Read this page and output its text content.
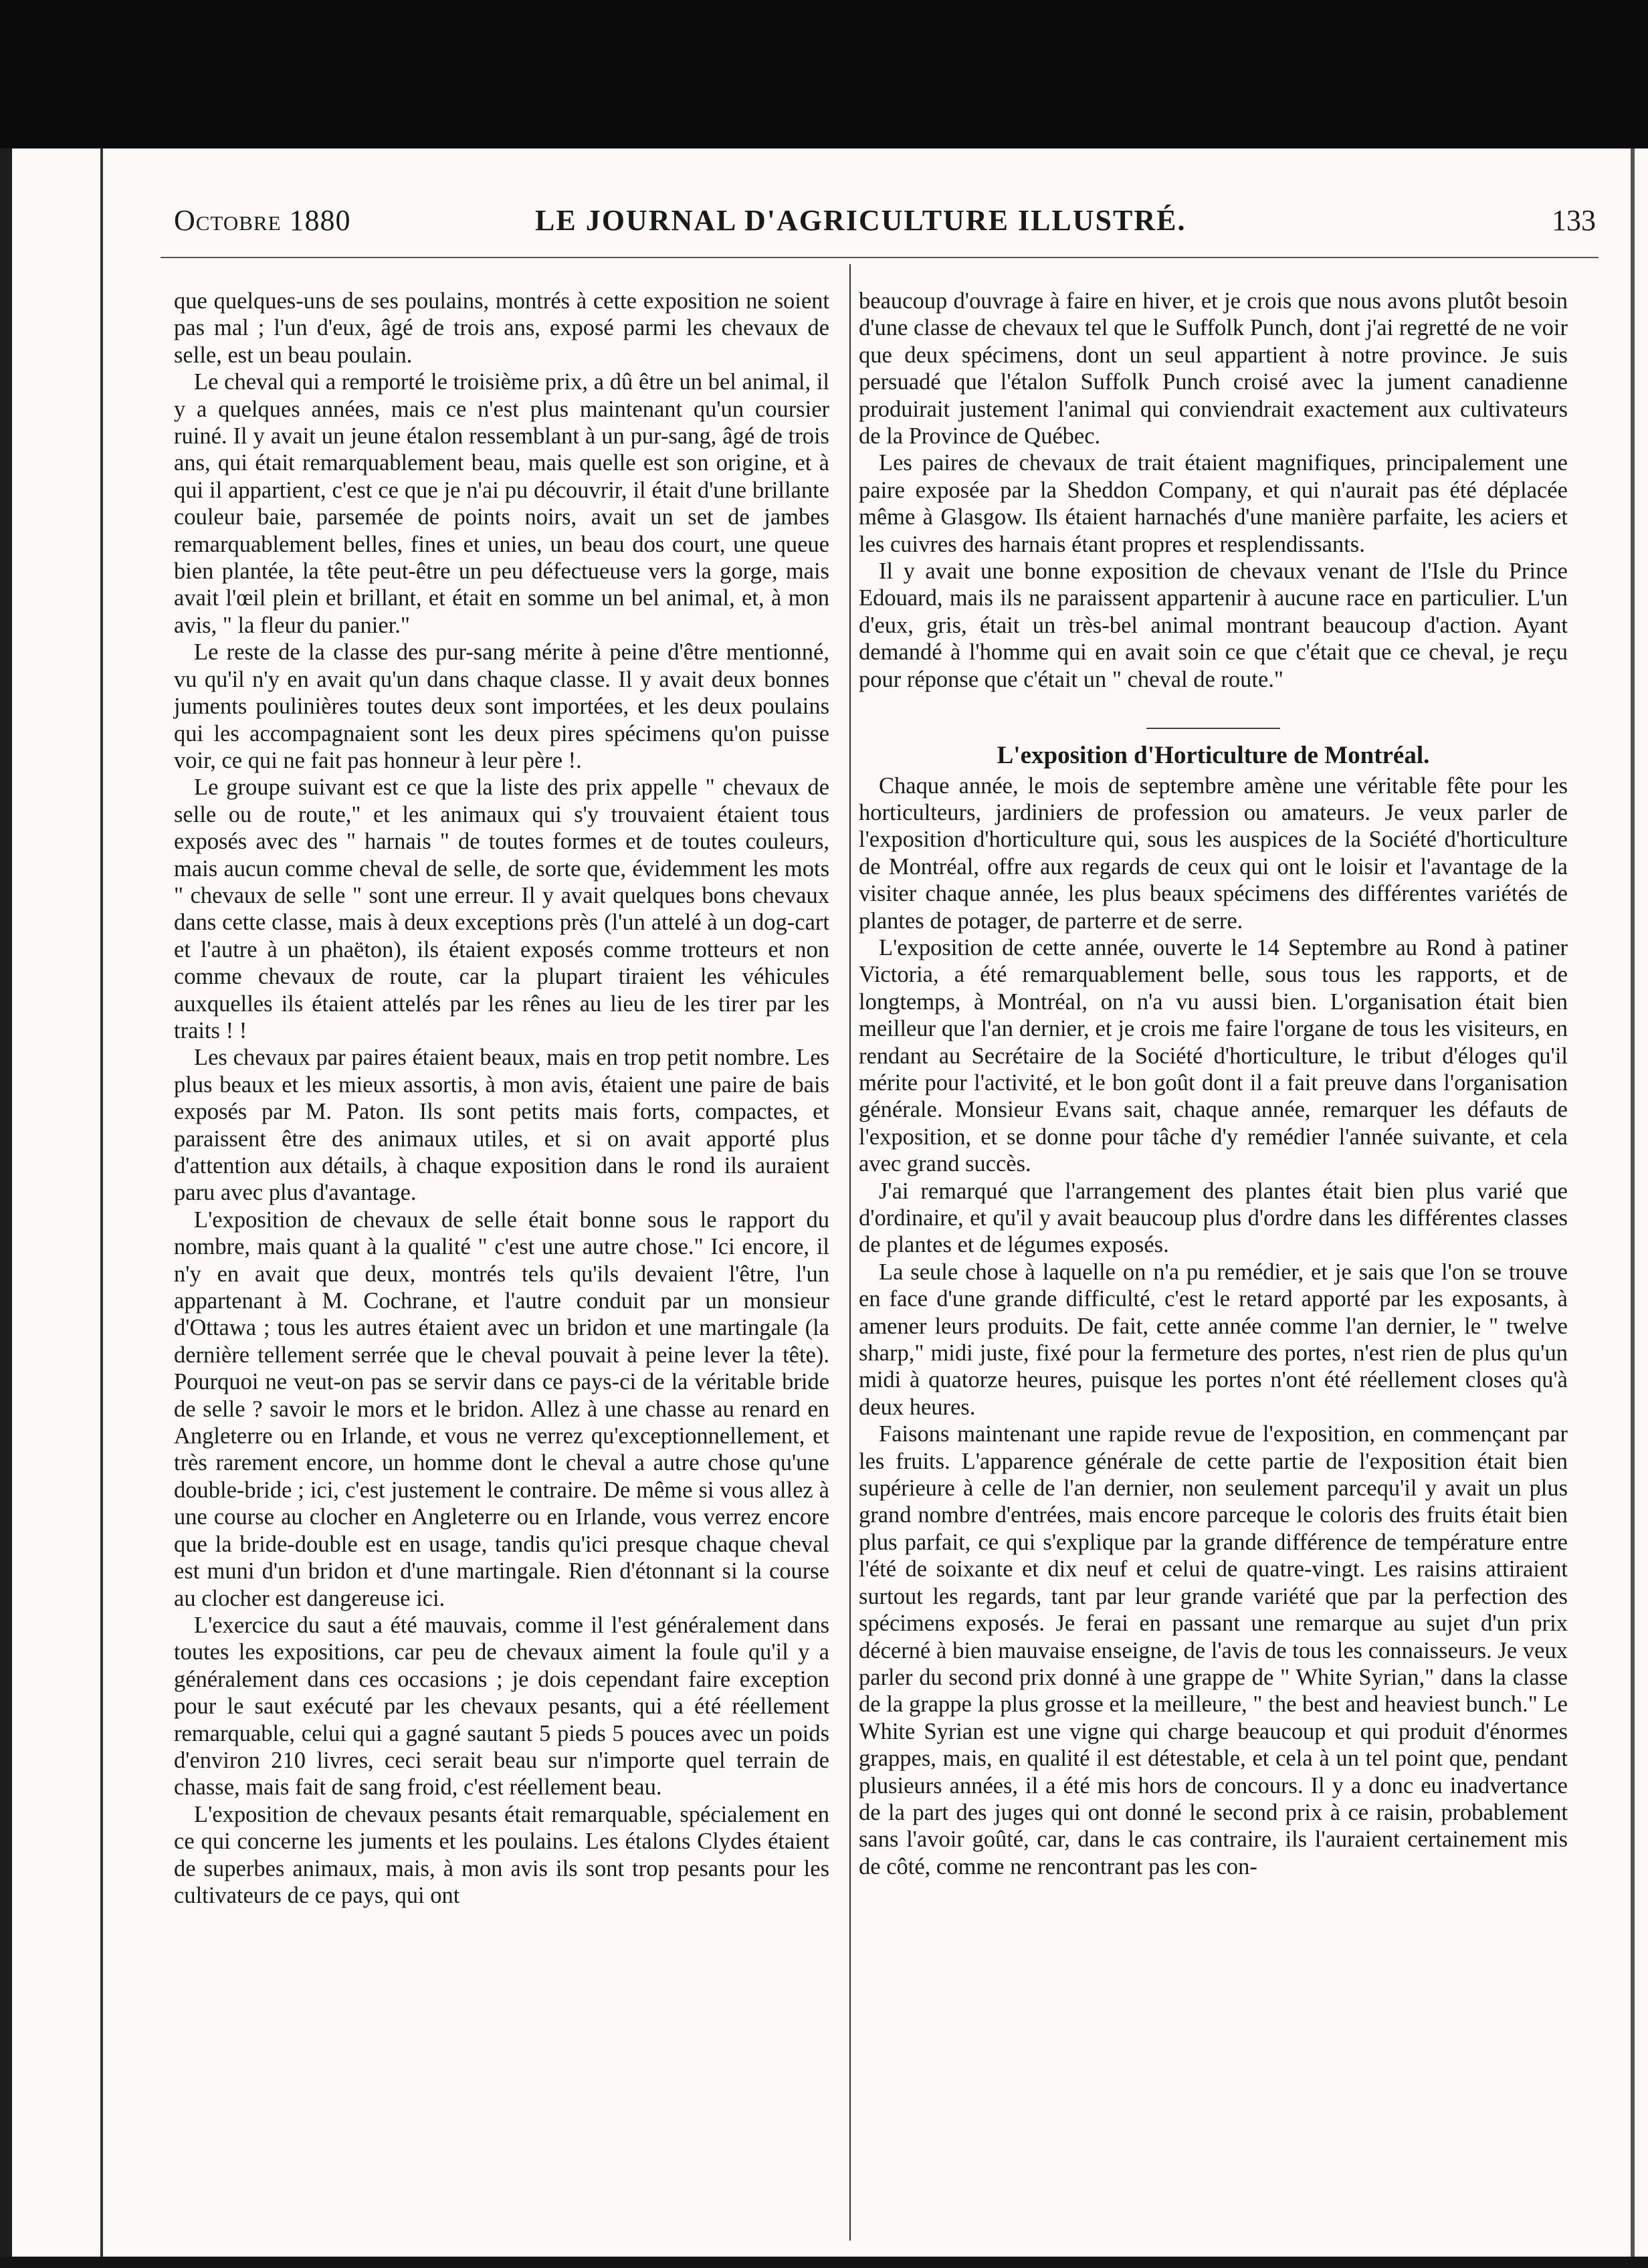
Octobre 1880	LE JOURNAL D'AGRICULTURE ILLUSTRÉ.	133

que quelques-uns de ses poulains, montrés à cette exposition ne soient pas mal ; l'un d'eux, âgé de trois ans, exposé parmi les chevaux de selle, est un beau poulain.

Le cheval qui a remporté le troisième prix, a dû être un bel animal, il y a quelques années, mais ce n'est plus maintenant qu'un coursier ruiné. Il y avait un jeune étalon ressemblant à un pur-sang, âgé de trois ans, qui était remarquablement beau, mais quelle est son origine, et à qui il appartient, c'est ce que je n'ai pu découvrir, il était d'une brillante couleur baie, parsemée de points noirs, avait un set de jambes remarquablement belles, fines et unies, un beau dos court, une queue bien plantée, la tête peut-être un peu défectueuse vers la gorge, mais avait l'œil plein et brillant, et était en somme un bel animal, et, à mon avis, " la fleur du panier."

Le reste de la classe des pur-sang mérite à peine d'être mentionné, vu qu'il n'y en avait qu'un dans chaque classe. Il y avait deux bonnes juments poulinières toutes deux sont importées, et les deux poulains qui les accompagnaient sont les deux pires spécimens qu'on puisse voir, ce qui ne fait pas honneur à leur père !.

Le groupe suivant est ce que la liste des prix appelle " chevaux de selle ou de route," et les animaux qui s'y trouvaient étaient tous exposés avec des " harnais " de toutes formes et de toutes couleurs, mais aucun comme cheval de selle, de sorte que, évidemment les mots " chevaux de selle " sont une erreur. Il y avait quelques bons chevaux dans cette classe, mais à deux exceptions près (l'un attelé à un dog-cart et l'autre à un phaëton), ils étaient exposés comme trotteurs et non comme chevaux de route, car la plupart tiraient les véhicules auxquelles ils étaient attelés par les rênes au lieu de les tirer par les traits ! !

Les chevaux par paires étaient beaux, mais en trop petit nombre. Les plus beaux et les mieux assortis, à mon avis, étaient une paire de bais exposés par M. Paton. Ils sont petits mais forts, compactes, et paraissent être des animaux utiles, et si on avait apporté plus d'attention aux détails, à chaque exposition dans le rond ils auraient paru avec plus d'avantage.

L'exposition de chevaux de selle était bonne sous le rapport du nombre, mais quant à la qualité " c'est une autre chose." Ici encore, il n'y en avait que deux, montrés tels qu'ils devaient l'être, l'un appartenant à M. Cochrane, et l'autre conduit par un monsieur d'Ottawa ; tous les autres étaient avec un bridon et une martingale (la dernière tellement serrée que le cheval pouvait à peine lever la tête). Pourquoi ne veut-on pas se servir dans ce pays-ci de la véritable bride de selle ? savoir le mors et le bridon. Allez à une chasse au renard en Angleterre ou en Irlande, et vous ne verrez qu'exceptionnellement, et très rarement encore, un homme dont le cheval a autre chose qu'une double-bride ; ici, c'est justement le contraire. De même si vous allez à une course au clocher en Angleterre ou en Irlande, vous verrez encore que la bride-double est en usage, tandis qu'ici presque chaque cheval est muni d'un bridon et d'une martingale. Rien d'étonnant si la course au clocher est dangereuse ici.

L'exercice du saut a été mauvais, comme il l'est généralement dans toutes les expositions, car peu de chevaux aiment la foule qu'il y a généralement dans ces occasions ; je dois cependant faire exception pour le saut exécuté par les chevaux pesants, qui a été réellement remarquable, celui qui a gagné sautant 5 pieds 5 pouces avec un poids d'environ 210 livres, ceci serait beau sur n'importe quel terrain de chasse, mais fait de sang froid, c'est réellement beau.

L'exposition de chevaux pesants était remarquable, spécialement en ce qui concerne les juments et les poulains. Les étalons Clydes étaient de superbes animaux, mais, à mon avis ils sont trop pesants pour les cultivateurs de ce pays, qui ont

beaucoup d'ouvrage à faire en hiver, et je crois que nous avons plutôt besoin d'une classe de chevaux tel que le Suffolk Punch, dont j'ai regretté de ne voir que deux spécimens, dont un seul appartient à notre province. Je suis persuadé que l'étalon Suffolk Punch croisé avec la jument canadienne produirait justement l'animal qui conviendrait exactement aux cultivateurs de la Province de Québec.

Les paires de chevaux de trait étaient magnifiques, principalement une paire exposée par la Sheddon Company, et qui n'aurait pas été déplacée même à Glasgow. Ils étaient harnachés d'une manière parfaite, les aciers et les cuivres des harnais étant propres et resplendissants.

Il y avait une bonne exposition de chevaux venant de l'Isle du Prince Edouard, mais ils ne paraissent appartenir à aucune race en particulier. L'un d'eux, gris, était un très-bel animal montrant beaucoup d'action. Ayant demandé à l'homme qui en avait soin ce que c'était que ce cheval, je reçu pour réponse que c'était un " cheval de route."

L'exposition d'Horticulture de Montréal.

Chaque année, le mois de septembre amène une véritable fête pour les horticulteurs, jardiniers de profession ou amateurs. Je veux parler de l'exposition d'horticulture qui, sous les auspices de la Société d'horticulture de Montréal, offre aux regards de ceux qui ont le loisir et l'avantage de la visiter chaque année, les plus beaux spécimens des différentes variétés de plantes de potager, de parterre et de serre.

L'exposition de cette année, ouverte le 14 Septembre au Rond à patiner Victoria, a été remarquablement belle, sous tous les rapports, et de longtemps, à Montréal, on n'a vu aussi bien. L'organisation était bien meilleur que l'an dernier, et je crois me faire l'organe de tous les visiteurs, en rendant au Secrétaire de la Société d'horticulture, le tribut d'éloges qu'il mérite pour l'activité, et le bon goût dont il a fait preuve dans l'organisation générale. Monsieur Evans sait, chaque année, remarquer les défauts de l'exposition, et se donne pour tâche d'y remédier l'année suivante, et cela avec grand succès.

J'ai remarqué que l'arrangement des plantes était bien plus varié que d'ordinaire, et qu'il y avait beaucoup plus d'ordre dans les différentes classes de plantes et de légumes exposés.

La seule chose à laquelle on n'a pu remédier, et je sais que l'on se trouve en face d'une grande difficulté, c'est le retard apporté par les exposants, à amener leurs produits. De fait, cette année comme l'an dernier, le " twelve sharp," midi juste, fixé pour la fermeture des portes, n'est rien de plus qu'un midi à quatorze heures, puisque les portes n'ont été réellement closes qu'à deux heures.

Faisons maintenant une rapide revue de l'exposition, en commençant par les fruits. L'apparence générale de cette partie de l'exposition était bien supérieure à celle de l'an dernier, non seulement parcequ'il y avait un plus grand nombre d'entrées, mais encore parceque le coloris des fruits était bien plus parfait, ce qui s'explique par la grande différence de température entre l'été de soixante et dix neuf et celui de quatre-vingt. Les raisins attiraient surtout les regards, tant par leur grande variété que par la perfection des spécimens exposés. Je ferai en passant une remarque au sujet d'un prix décerné à bien mauvaise enseigne, de l'avis de tous les connaisseurs. Je veux parler du second prix donné à une grappe de " White Syrian," dans la classe de la grappe la plus grosse et la meilleure, " the best and heaviest bunch." Le White Syrian est une vigne qui charge beaucoup et qui produit d'énormes grappes, mais, en qualité il est détestable, et cela à un tel point que, pendant plusieurs années, il a été mis hors de concours. Il y a donc eu inadvertance de la part des juges qui ont donné le second prix à ce raisin, probablement sans l'avoir goûté, car, dans le cas contraire, ils l'auraient certainement mis de côté, comme ne rencontrant pas les con-
